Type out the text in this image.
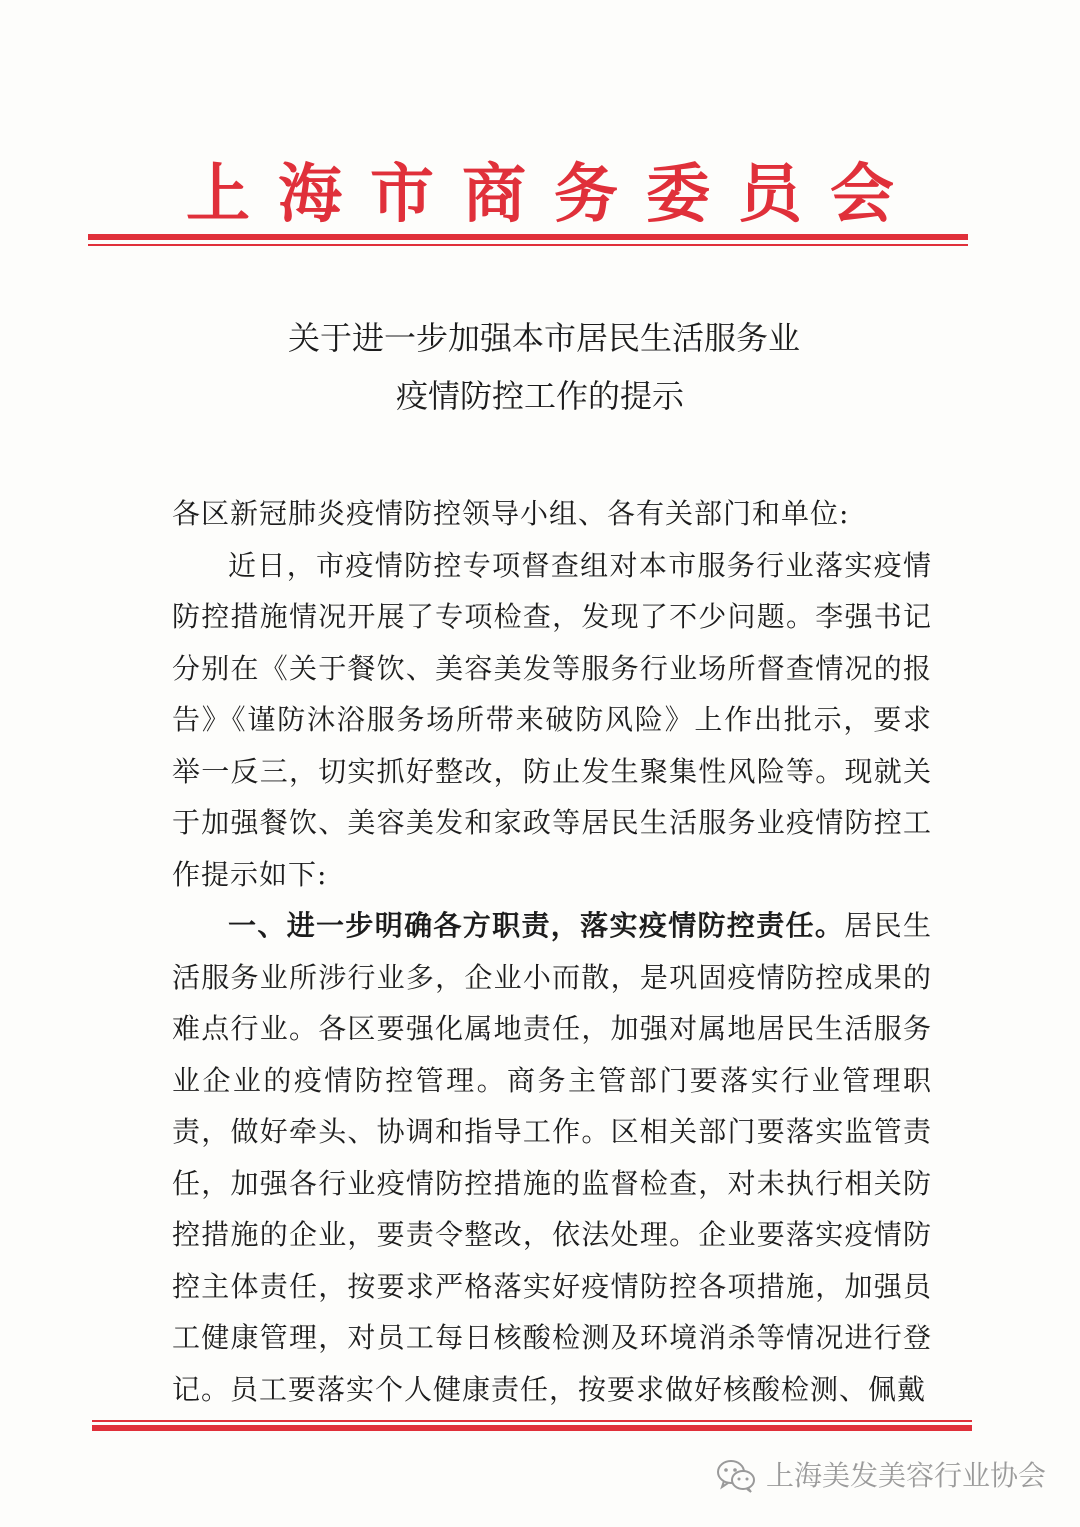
上海市商务委员会
关于进一步加强本市居民生活服务业
疫情防控工作的提示

各区新冠肺炎疫情防控领导小组、各有关部门和单位:

近日，市疫情防控专项督查组对本市服务行业落实疫情防控措施情况开展了专项检查，发现了不少问题。李强书记分别在《关于餐饮、美容美发等服务行业场所督查情况的报告》《谨防沐浴服务场所带来破防风险》上作出批示，要求举一反三，切实抓好整改，防止发生聚集性风险等。现就关于加强餐饮、美容美发和家政等居民生活服务业疫情防控工作提示如下:

一、进一步明确各方职责，落实疫情防控责任。居民生活服务业所涉行业多，企业小而散，是巩固疫情防控成果的难点行业。各区要强化属地责任，加强对属地居民生活服务业企业的疫情防控管理。商务主管部门要落实行业管理职责，做好牵头、协调和指导工作。区相关部门要落实监管责任，加强各行业疫情防控措施的监督检查，对未执行相关防控措施的企业，要责令整改，依法处理。企业要落实疫情防控主体责任，按要求严格落实好疫情防控各项措施，加强员工健康管理，对员工每日核酸检测及环境消杀等情况进行登记。员工要落实个人健康责任，按要求做好核酸检测、佩戴

上海美发美容行业协会
